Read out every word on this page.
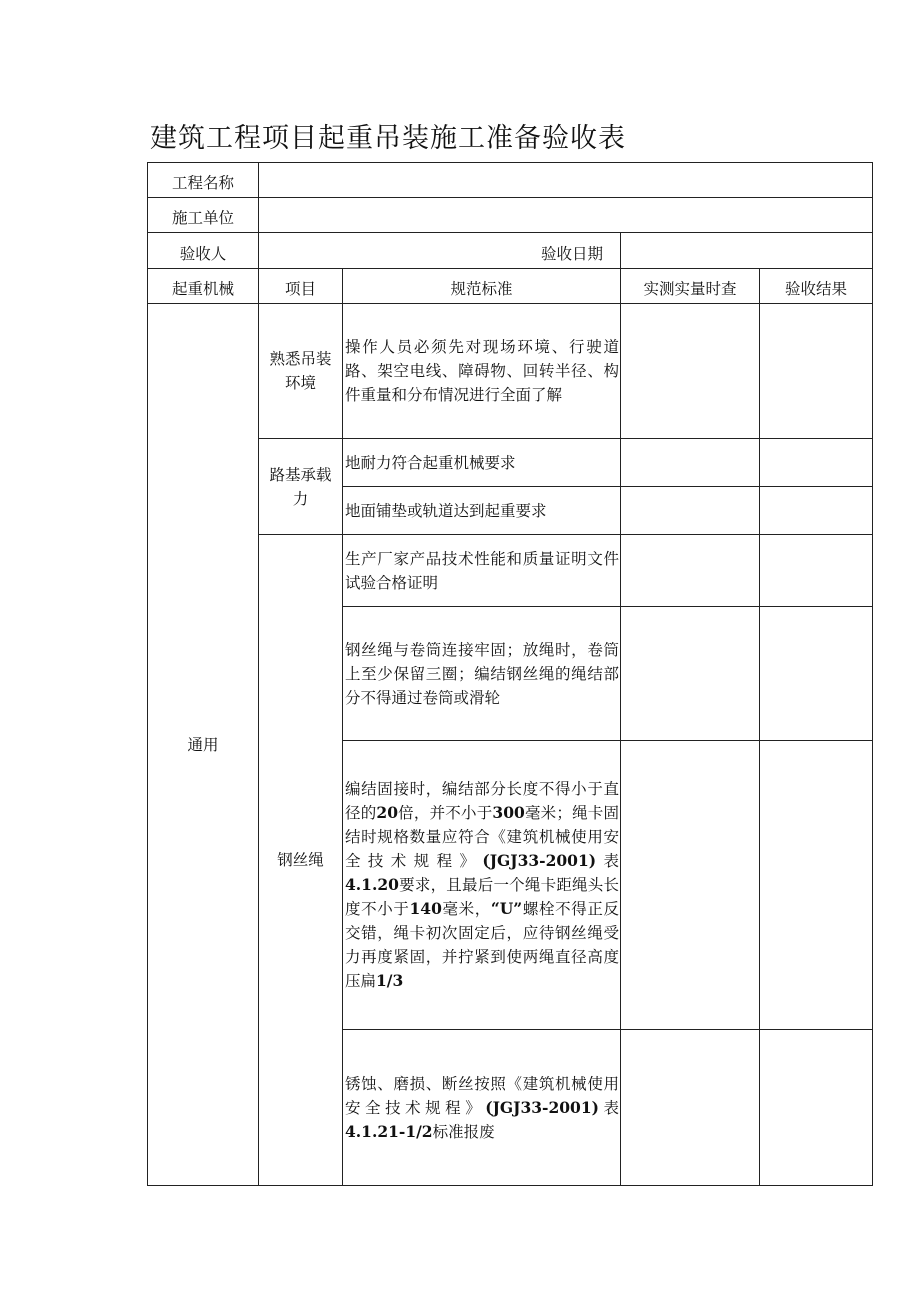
建筑工程项目起重吊装施工准备验收表
工程名称				
施工单位				
验收人	验收日期			

起重机械	项目	规范标准	实测实量时查	验收结果
通用	熟悉吊装环境	操作人员必须先对现场环境、行驶道路、架空电线、障碍物、回转半径、构件重量和分布情况进行全面了解		
	路基承载力	地耐力符合起重机械要求		
		地面铺垫或轨道达到起重要求		
	钢丝绳	生产厂家产品技术性能和质量证明文件试验合格证明		
		钢丝绳与卷筒连接牢固；放绳时，卷筒上至少保留三圈；编结钢丝绳的绳结部分不得通过卷筒或滑轮		
		编结固接时，编结部分长度不得小于直径的20倍，并不小于300毫米；绳卡固结时规格数量应符合《建筑机械使用安全技术规程》(JGJ33-2001)表4.1.20要求，且最后一个绳卡距绳头长度不小于140毫米，“U”螺栓不得正反交错，绳卡初次固定后，应待钢丝绳受力再度紧固，并拧紧到使两绳直径高度压扁1/3		
		锈蚀、磨损、断丝按照《建筑机械使用安全技术规程》(JGJ33-2001)表4.1.21-1/2标准报废		
